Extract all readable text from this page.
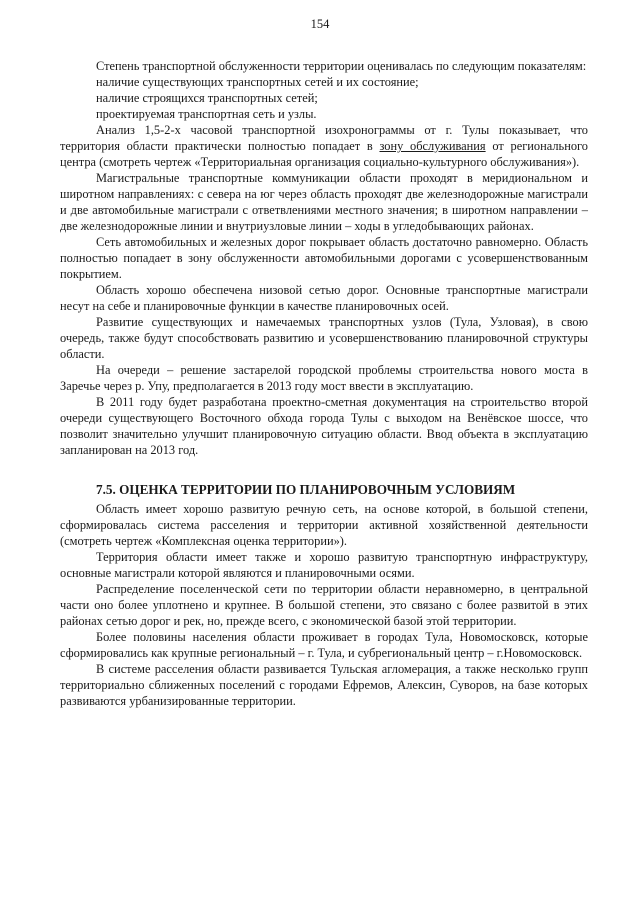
154

Степень транспортной обслуженности территории оценивалась по следующим показателям:

наличие существующих транспортных сетей и их состояние;

наличие строящихся транспортных сетей;

проектируемая транспортная сеть и узлы.

Анализ 1,5-2-х часовой транспортной изохронограммы от г. Тулы показывает, что территория области практически полностью попадает в зону обслуживания от регионального центра (смотреть чертеж «Территориальная организация социально-культурного обслуживания»).

Магистральные транспортные коммуникации области проходят в меридиональном и широтном направлениях: с севера на юг через область проходят две железнодорожные магистрали и две автомобильные магистрали с ответвлениями местного значения; в широтном направлении – две железнодорожные линии и внутриузловые линии – ходы в угледобывающих районах.

Сеть автомобильных и железных дорог покрывает область достаточно равномерно. Область полностью попадает в зону обслуженности автомобильными дорогами с усовершенствованным покрытием.

Область хорошо обеспечена низовой сетью дорог. Основные транспортные магистрали несут на себе и планировочные функции в качестве планировочных осей.

Развитие существующих и намечаемых транспортных узлов (Тула, Узловая), в свою очередь, также будут способствовать развитию и усовершенствованию планировочной структуры области.

На очереди – решение застарелой городской проблемы строительства нового моста в Заречье через р. Упу, предполагается в 2013 году мост ввести в эксплуатацию.

В 2011 году будет разработана проектно-сметная документация на строительство второй очереди существующего Восточного обхода города Тулы с выходом на Венёвское шоссе, что позволит значительно улучшит планировочную ситуацию области. Ввод объекта в эксплуатацию запланирован на 2013 год.

7.5. ОЦЕНКА ТЕРРИТОРИИ ПО ПЛАНИРОВОЧНЫМ УСЛОВИЯМ

Область имеет хорошо развитую речную сеть, на основе которой, в большой степени, сформировалась система расселения и территории активной хозяйственной деятельности (смотреть чертеж «Комплексная оценка территории»).

Территория области имеет также и хорошо развитую транспортную инфраструктуру, основные магистрали которой являются и планировочными осями.

Распределение поселенческой сети по территории области неравномерно, в центральной части оно более уплотнено и крупнее. В большой степени, это связано с более развитой в этих районах сетью дорог и рек, но, прежде всего, с экономической базой этой территории.

Более половины населения области проживает в городах Тула, Новомосковск, которые сформировались как крупные региональный – г. Тула, и субрегиональный центр – г.Новомосковск.

В системе расселения области развивается Тульская агломерация, а также несколько групп территориально сближенных поселений с городами Ефремов, Алексин, Суворов, на базе которых развиваются урбанизированные территории.
